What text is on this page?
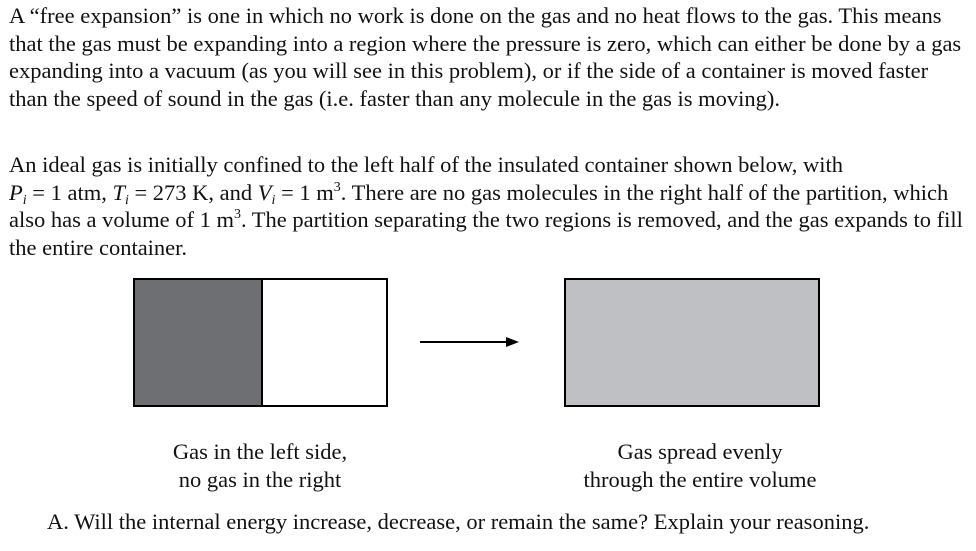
A “free expansion” is one in which no work is done on the gas and no heat flows to the gas. This means that the gas must be expanding into a region where the pressure is zero, which can either be done by a gas expanding into a vacuum (as you will see in this problem), or if the side of a container is moved faster than the speed of sound in the gas (i.e. faster than any molecule in the gas is moving).

An ideal gas is initially confined to the left half of the insulated container shown below, with
$P_i = 1$ atm, $T_i = 273$ K, and $V_i = 1$ $m^3$. There are no gas molecules in the right half of the partition, which also has a volume of 1 $m^3$. The partition separating the two regions is removed, and the gas expands to fill the entire container.

Gas in the left side,
no gas in the right
Gas spread evenly
through the entire volume

A. Will the internal energy increase, decrease, or remain the same? Explain your reasoning.
